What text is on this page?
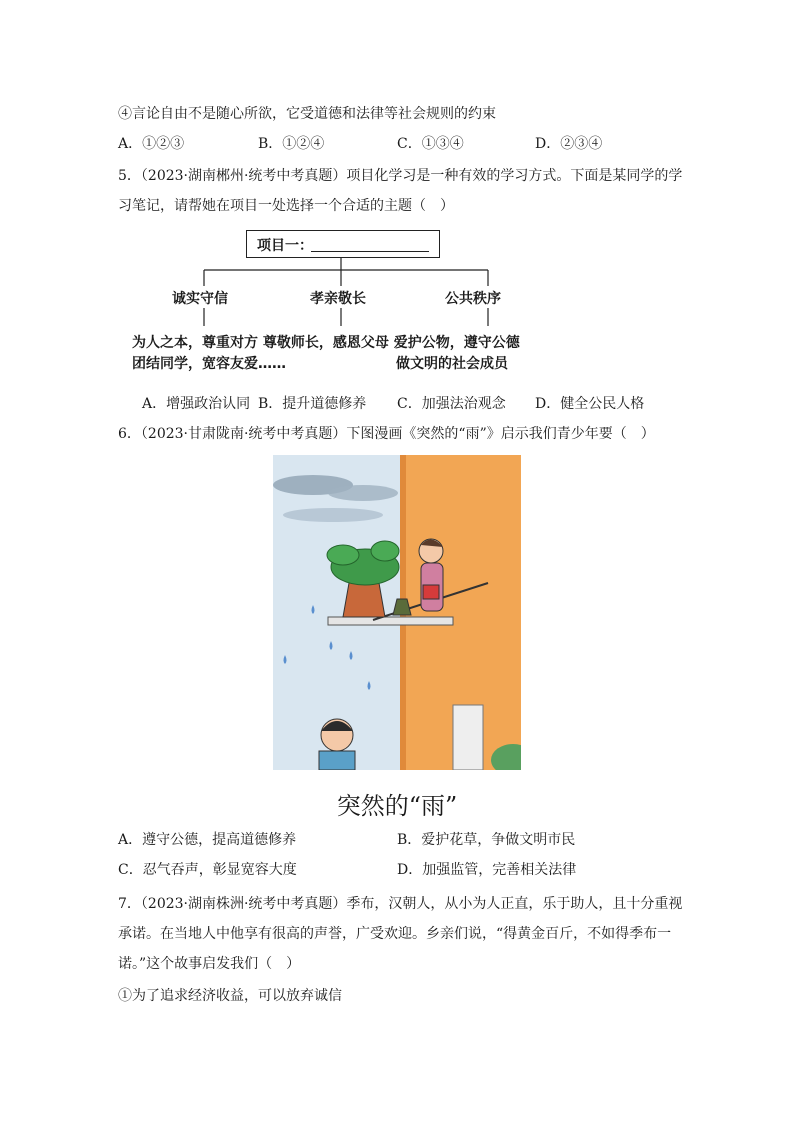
④言论自由不是随心所欲，它受道德和法律等社会规则的约束
A．①②③	B．①②④	C．①③④	D．②③④
5．（2023·湖南郴州·统考中考真题）项目化学习是一种有效的学习方式。下面是某同学的学
习笔记，请帮她在项目一处选择一个合适的主题（　）
项目一：
诚实守信	孝亲敬长	公共秩序
为人之本，尊重对方 尊敬师长，感恩父母 爱护公物，遵守公德
团结同学，宽容友爱……	做文明的社会成员
A．增强政治认同 B．提升道德修养 C．加强法治观念 D．健全公民人格
6．（2023·甘肃陇南·统考中考真题）下图漫画《突然的“雨”》启示我们青少年要（　）
突然的“雨”
A．遵守公德，提高道德修养	B．爱护花草，争做文明市民
C．忍气吞声，彰显宽容大度	D．加强监管，完善相关法律
7．（2023·湖南株洲·统考中考真题）季布，汉朝人，从小为人正直，乐于助人，且十分重视
承诺。在当地人中他享有很高的声誉，广受欢迎。乡亲们说，“得黄金百斤，不如得季布一
诺。”这个故事启发我们（　）
①为了追求经济收益，可以放弃诚信
